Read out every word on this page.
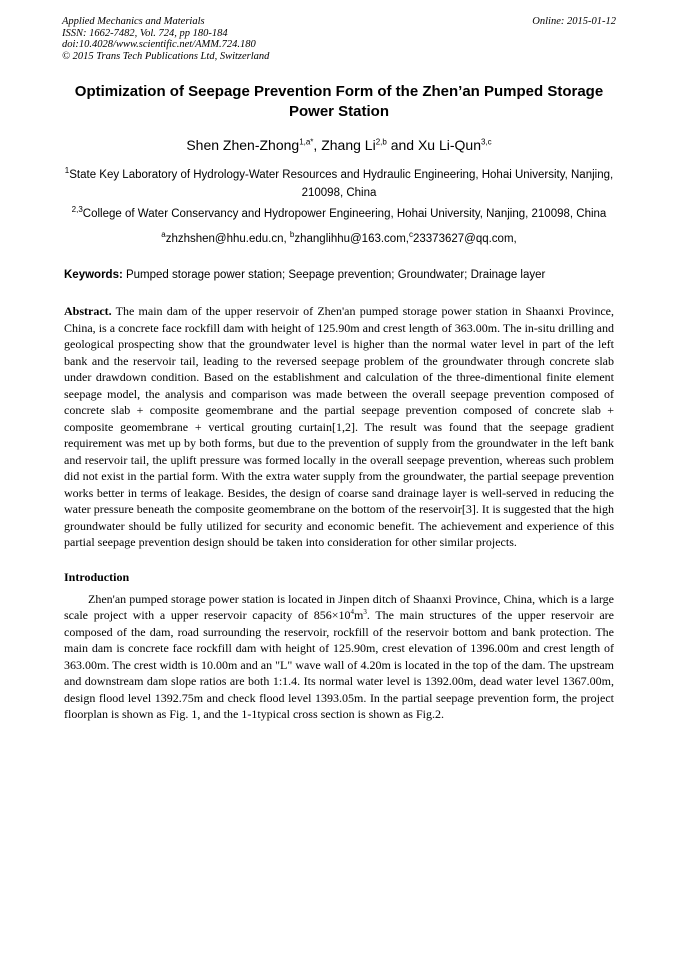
Applied Mechanics and Materials
ISSN: 1662-7482, Vol. 724, pp 180-184
doi:10.4028/www.scientific.net/AMM.724.180
© 2015 Trans Tech Publications Ltd, Switzerland
Online: 2015-01-12
Optimization of Seepage Prevention Form of the Zhen’an Pumped Storage Power Station
Shen Zhen-Zhong$^{1,a*}$, Zhang Li$^{2,b}$ and Xu Li-Qun$^{3,c}$
$^1$State Key Laboratory of Hydrology-Water Resources and Hydraulic Engineering, Hohai University, Nanjing, 210098, China
$^{2,3}$College of Water Conservancy and Hydropower Engineering, Hohai University, Nanjing, 210098, China
$^a$zhzhshen@hhu.edu.cn, $^b$zhanglihhu@163.com,$^c$23373627@qq.com,
Keywords: Pumped storage power station; Seepage prevention; Groundwater; Drainage layer
Abstract. The main dam of the upper reservoir of Zhen'an pumped storage power station in Shaanxi Province, China, is a concrete face rockfill dam with height of 125.90m and crest length of 363.00m. The in-situ drilling and geological prospecting show that the groundwater level is higher than the normal water level in part of the left bank and the reservoir tail, leading to the reversed seepage problem of the groundwater through concrete slab under drawdown condition. Based on the establishment and calculation of the three-dimentional finite element seepage model, the analysis and comparison was made between the overall seepage prevention composed of concrete slab + composite geomembrane and the partial seepage prevention composed of concrete slab + composite geomembrane + vertical grouting curtain[1,2]. The result was found that the seepage gradient requirement was met up by both forms, but due to the prevention of supply from the groundwater in the left bank and reservoir tail, the uplift pressure was formed locally in the overall seepage prevention, whereas such problem did not exist in the partial form. With the extra water supply from the groundwater, the partial seepage prevention works better in terms of leakage. Besides, the design of coarse sand drainage layer is well-served in reducing the water pressure beneath the composite geomembrane on the bottom of the reservoir[3]. It is suggested that the high groundwater should be fully utilized for security and economic benefit. The achievement and experience of this partial seepage prevention design should be taken into consideration for other similar projects.
Introduction
Zhen'an pumped storage power station is located in Jinpen ditch of Shaanxi Province, China, which is a large scale project with a upper reservoir capacity of $856\times 10^4m^3$. The main structures of the upper reservoir are composed of the dam, road surrounding the reservoir, rockfill of the reservoir bottom and bank protection. The main dam is concrete face rockfill dam with height of 125.90m, crest elevation of 1396.00m and crest length of 363.00m. The crest width is 10.00m and an "L" wave wall of 4.20m is located in the top of the dam. The upstream and downstream dam slope ratios are both 1:1.4. Its normal water level is 1392.00m, dead water level 1367.00m, design flood level 1392.75m and check flood level 1393.05m. In the partial seepage prevention form, the project floorplan is shown as Fig. 1, and the 1-1typical cross section is shown as Fig.2.
